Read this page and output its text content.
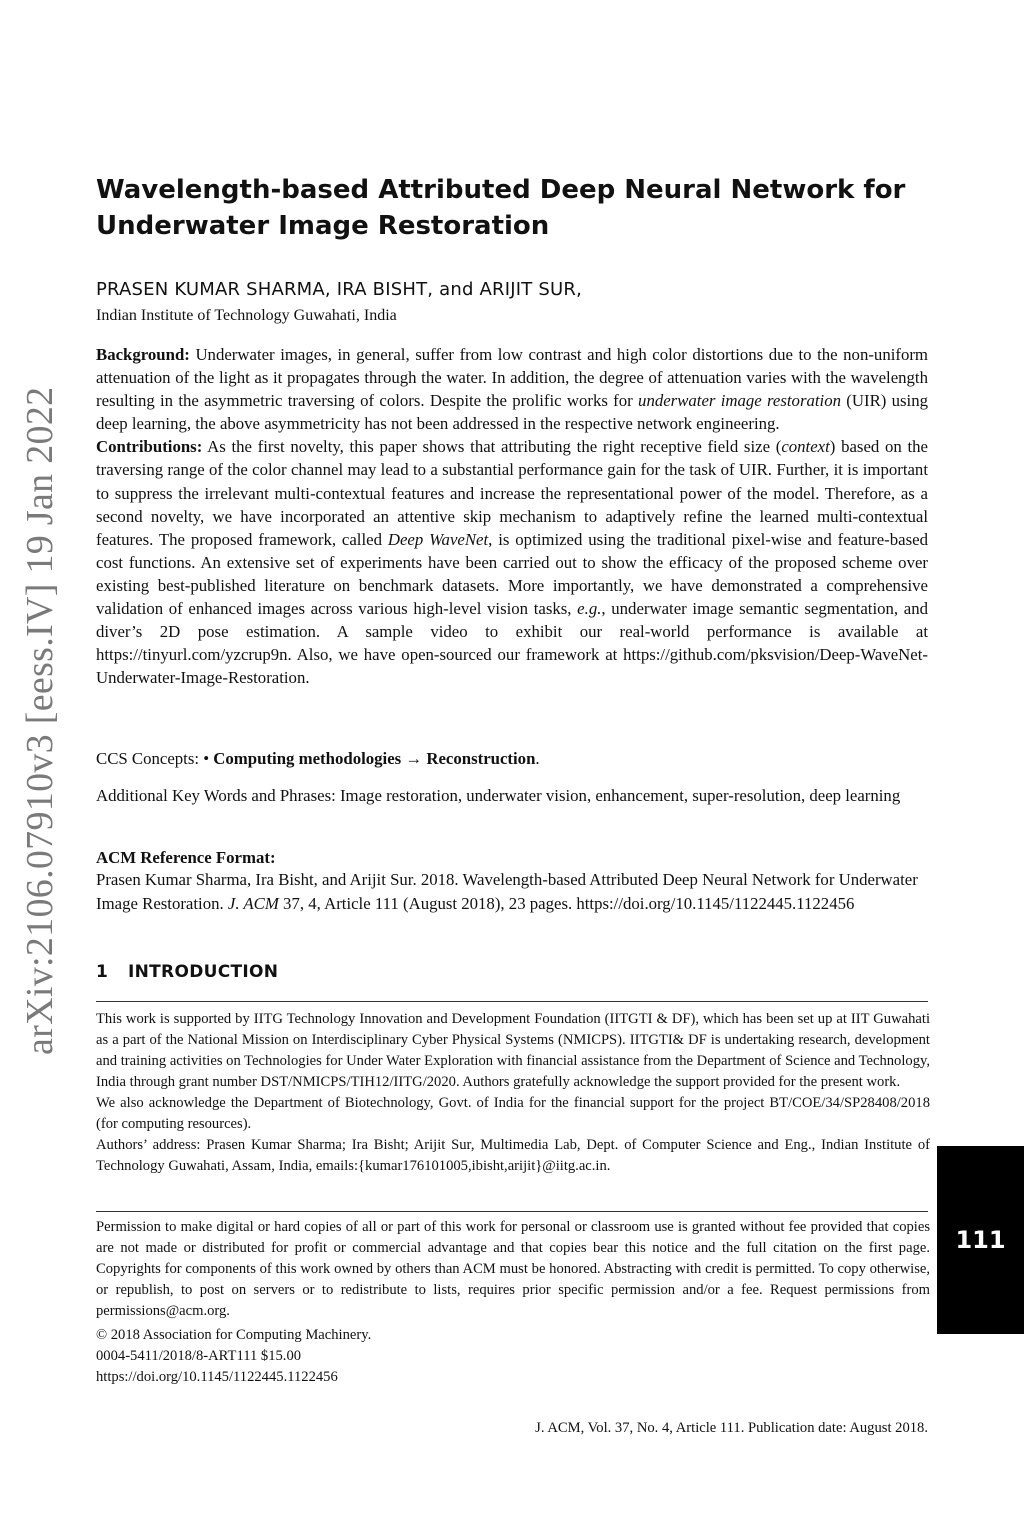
arXiv:2106.07910v3 [eess.IV] 19 Jan 2022
Wavelength-based Attributed Deep Neural Network for Underwater Image Restoration
PRASEN KUMAR SHARMA, IRA BISHT, and ARIJIT SUR,
Indian Institute of Technology Guwahati, India

Background: Underwater images, in general, suffer from low contrast and high color distortions due to the non-uniform attenuation of the light as it propagates through the water. In addition, the degree of attenuation varies with the wavelength resulting in the asymmetric traversing of colors. Despite the prolific works for underwater image restoration (UIR) using deep learning, the above asymmetricity has not been addressed in the respective network engineering.

Contributions: As the first novelty, this paper shows that attributing the right receptive field size (context) based on the traversing range of the color channel may lead to a substantial performance gain for the task of UIR. Further, it is important to suppress the irrelevant multi-contextual features and increase the representational power of the model. Therefore, as a second novelty, we have incorporated an attentive skip mechanism to adaptively refine the learned multi-contextual features. The proposed framework, called Deep WaveNet, is optimized using the traditional pixel-wise and feature-based cost functions. An extensive set of experiments have been carried out to show the efficacy of the proposed scheme over existing best-published literature on benchmark datasets. More importantly, we have demonstrated a comprehensive validation of enhanced images across various high-level vision tasks, e.g., underwater image semantic segmentation, and diver’s 2D pose estimation. A sample video to exhibit our real-world performance is available at https://tinyurl.com/yzcrup9n. Also, we have open-sourced our framework at https://github.com/pksvision/Deep-WaveNet-Underwater-Image-Restoration.

CCS Concepts: • Computing methodologies → Reconstruction.
Additional Key Words and Phrases: Image restoration, underwater vision, enhancement, super-resolution, deep learning
ACM Reference Format:
Prasen Kumar Sharma, Ira Bisht, and Arijit Sur. 2018. Wavelength-based Attributed Deep Neural Network for Underwater Image Restoration. J. ACM 37, 4, Article 111 (August 2018), 23 pages. https://doi.org/10.1145/1122445.1122456
1 INTRODUCTION

This work is supported by IITG Technology Innovation and Development Foundation (IITGTI & DF), which has been set up at IIT Guwahati as a part of the National Mission on Interdisciplinary Cyber Physical Systems (NMICPS). IITGTI& DF is undertaking research, development and training activities on Technologies for Under Water Exploration with financial assistance from the Department of Science and Technology, India through grant number DST/NMICPS/TIH12/IITG/2020. Authors gratefully acknowledge the support provided for the present work.

We also acknowledge the Department of Biotechnology, Govt. of India for the financial support for the project BT/COE/34/SP28408/2018 (for computing resources).

Authors’ address: Prasen Kumar Sharma; Ira Bisht; Arijit Sur, Multimedia Lab, Dept. of Computer Science and Eng., Indian Institute of Technology Guwahati, Assam, India, emails:{kumar176101005,ibisht,arijit}@iitg.ac.in.

Permission to make digital or hard copies of all or part of this work for personal or classroom use is granted without fee provided that copies are not made or distributed for profit or commercial advantage and that copies bear this notice and the full citation on the first page. Copyrights for components of this work owned by others than ACM must be honored. Abstracting with credit is permitted. To copy otherwise, or republish, to post on servers or to redistribute to lists, requires prior specific permission and/or a fee. Request permissions from permissions@acm.org.

© 2018 Association for Computing Machinery.

0004-5411/2018/8-ART111 $15.00

https://doi.org/10.1145/1122445.1122456

111
J. ACM, Vol. 37, No. 4, Article 111. Publication date: August 2018.
